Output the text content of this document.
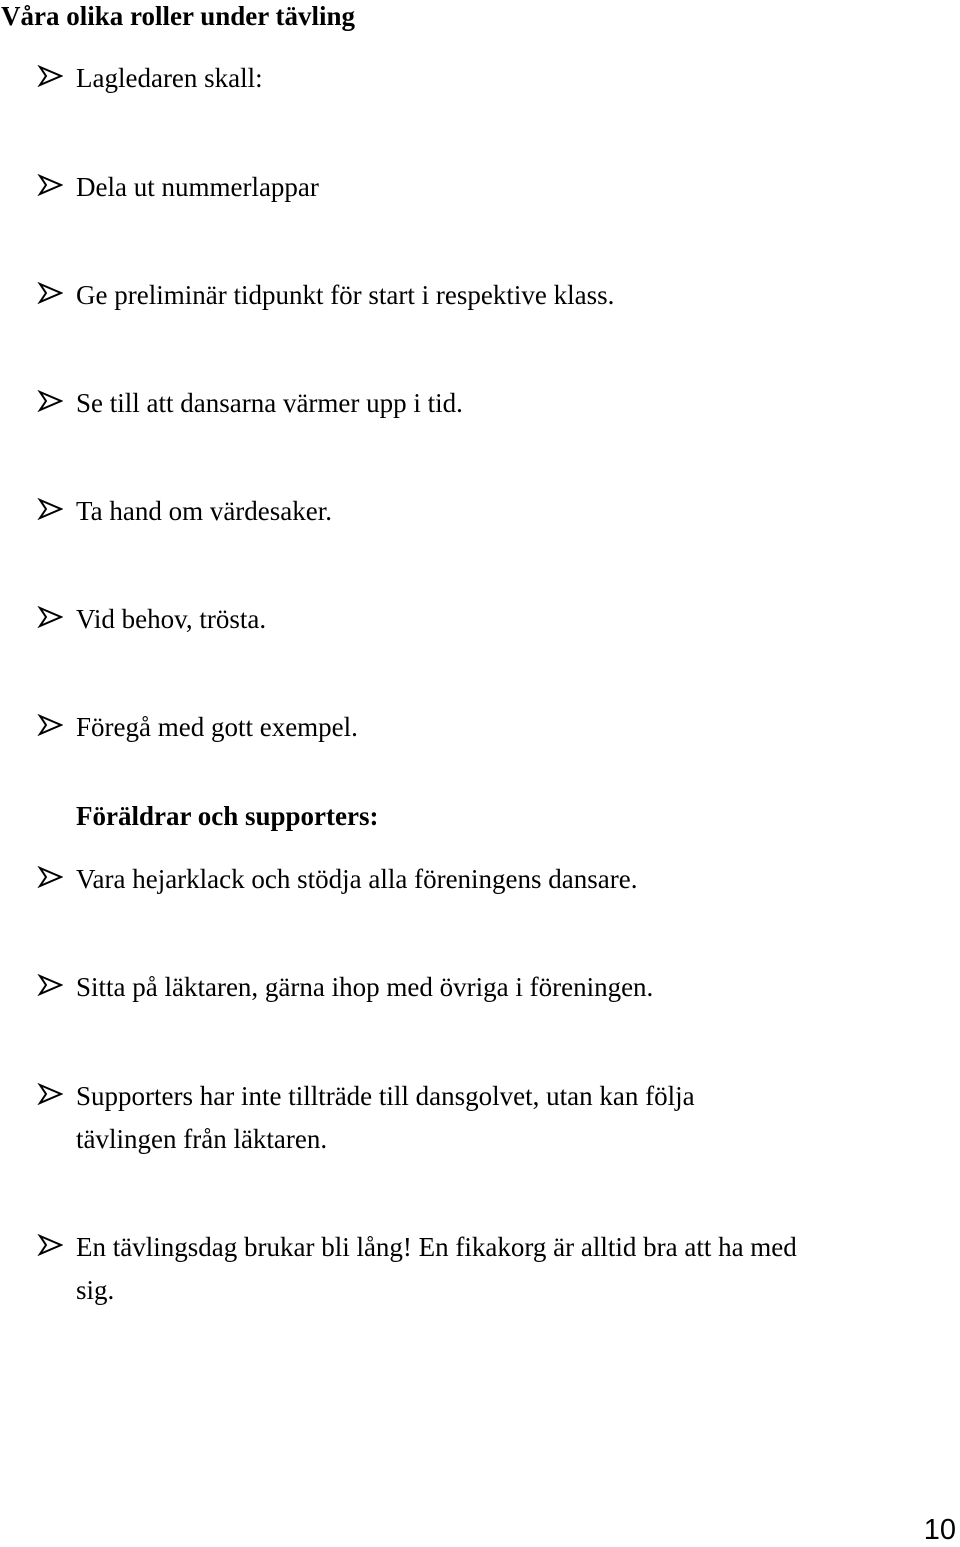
Våra olika roller under tävling
Lagledaren skall:
Dela ut nummerlappar
Ge preliminär tidpunkt för start i respektive klass.
Se till att dansarna värmer upp i tid.
Ta hand om värdesaker.
Vid behov, trösta.
Föregå med gott exempel.
Föräldrar och supporters:
Vara hejarklack och stödja alla föreningens dansare.
Sitta på läktaren, gärna ihop med övriga i föreningen.
Supporters har inte tillträde till dansgolvet, utan kan följa
tävlingen från läktaren.
En tävlingsdag brukar bli lång! En fikakorg är alltid bra att ha med
sig.
10
